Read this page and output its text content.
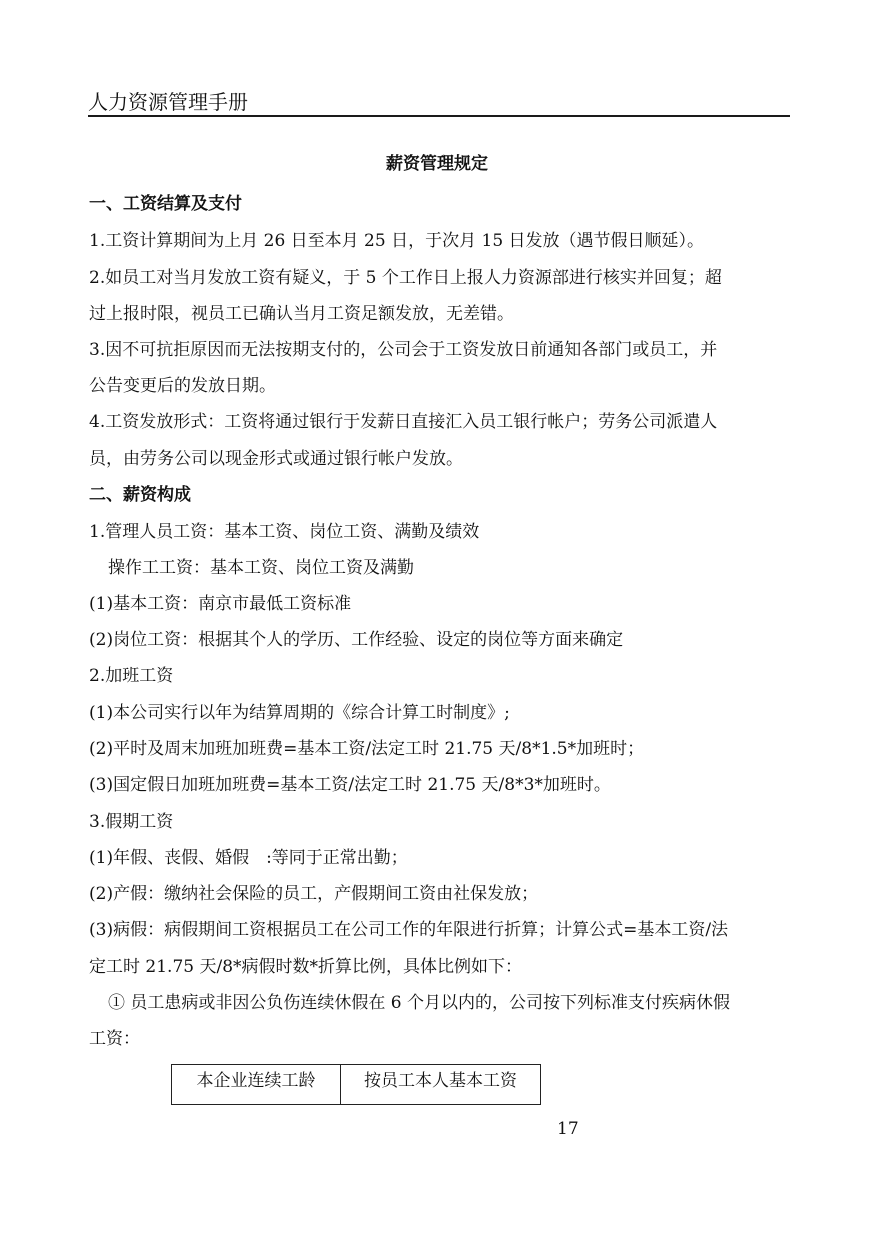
人力资源管理手册
薪资管理规定
一、工资结算及支付
1.工资计算期间为上月 26 日至本月 25 日，于次月 15 日发放（遇节假日顺延）。
2.如员工对当月发放工资有疑义，于 5 个工作日上报人力资源部进行核实并回复；超
过上报时限，视员工已确认当月工资足额发放，无差错。
3.因不可抗拒原因而无法按期支付的，公司会于工资发放日前通知各部门或员工，并
公告变更后的发放日期。
4.工资发放形式：工资将通过银行于发薪日直接汇入员工银行帐户；劳务公司派遣人
员，由劳务公司以现金形式或通过银行帐户发放。
二、薪资构成
1.管理人员工资：基本工资、岗位工资、满勤及绩效
操作工工资：基本工资、岗位工资及满勤
(1)基本工资：南京市最低工资标准
(2)岗位工资：根据其个人的学历、工作经验、设定的岗位等方面来确定
2.加班工资
(1)本公司实行以年为结算周期的《综合计算工时制度》;
(2)平时及周末加班加班费=基本工资/法定工时 21.75 天/8*1.5*加班时；
(3)国定假日加班加班费=基本工资/法定工时 21.75 天/8*3*加班时。
3.假期工资
(1)年假、丧假、婚假　:等同于正常出勤；
(2)产假：缴纳社会保险的员工，产假期间工资由社保发放；
(3)病假：病假期间工资根据员工在公司工作的年限进行折算；计算公式=基本工资/法
定工时 21.75 天/8*病假时数*折算比例，具体比例如下：
① 员工患病或非因公负伤连续休假在 6 个月以内的，公司按下列标准支付疾病休假
工资：
本企业连续工龄	按员工本人基本工资
17
